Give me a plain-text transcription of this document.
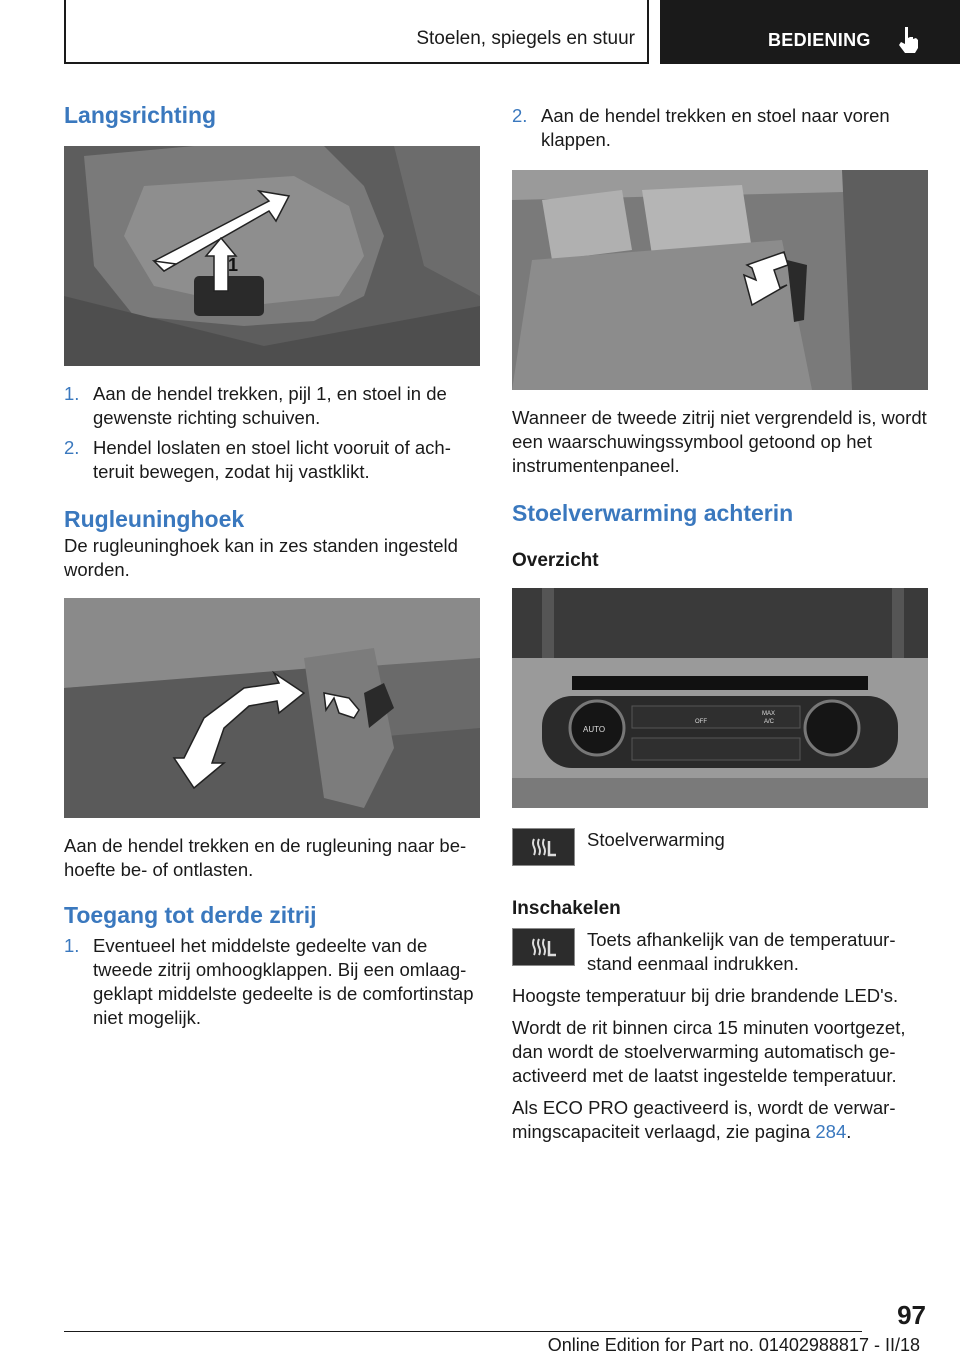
Stoelen, spiegels en stuur	BEDIENING
Langsrichting
1
1. Aan de hendel trekken, pijl 1, en stoel in de gewenste richting schuiven.
2. Hendel loslaten en stoel licht vooruit of achteruit bewegen, zodat hij vastklikt.
Rugleuninghoek

De rugleuninghoek kan in zes standen ingesteld worden.

Aan de hendel trekken en de rugleuning naar behoefte be- of ontlasten.

Toegang tot derde zitrij
1. Eventueel het middelste gedeelte van de tweede zitrij omhoogklappen. Bij een omlaaggeklapt middelste gedeelte is de comfortinstap niet mogelijk.
2. Aan de hendel trekken en stoel naar voren klappen.

Wanneer de tweede zitrij niet vergrendeld is, wordt een waarschuwingssymbool getoond op het instrumentenpaneel.

Stoelverwarming achterin
Overzicht
AUTO
OFF
MAX
A/C
Stoelverwarming
Inschakelen
Toets afhankelijk van de temperatuurstand eenmaal indrukken.

Hoogste temperatuur bij drie brandende LED's.

Wordt de rit binnen circa 15 minuten voortgezet, dan wordt de stoelverwarming automatisch geactiveerd met de laatst ingestelde temperatuur.

Als ECO PRO geactiveerd is, wordt de verwarmingscapaciteit verlaagd, zie pagina 284.

97
Online Edition for Part no. 01402988817 - II/18
